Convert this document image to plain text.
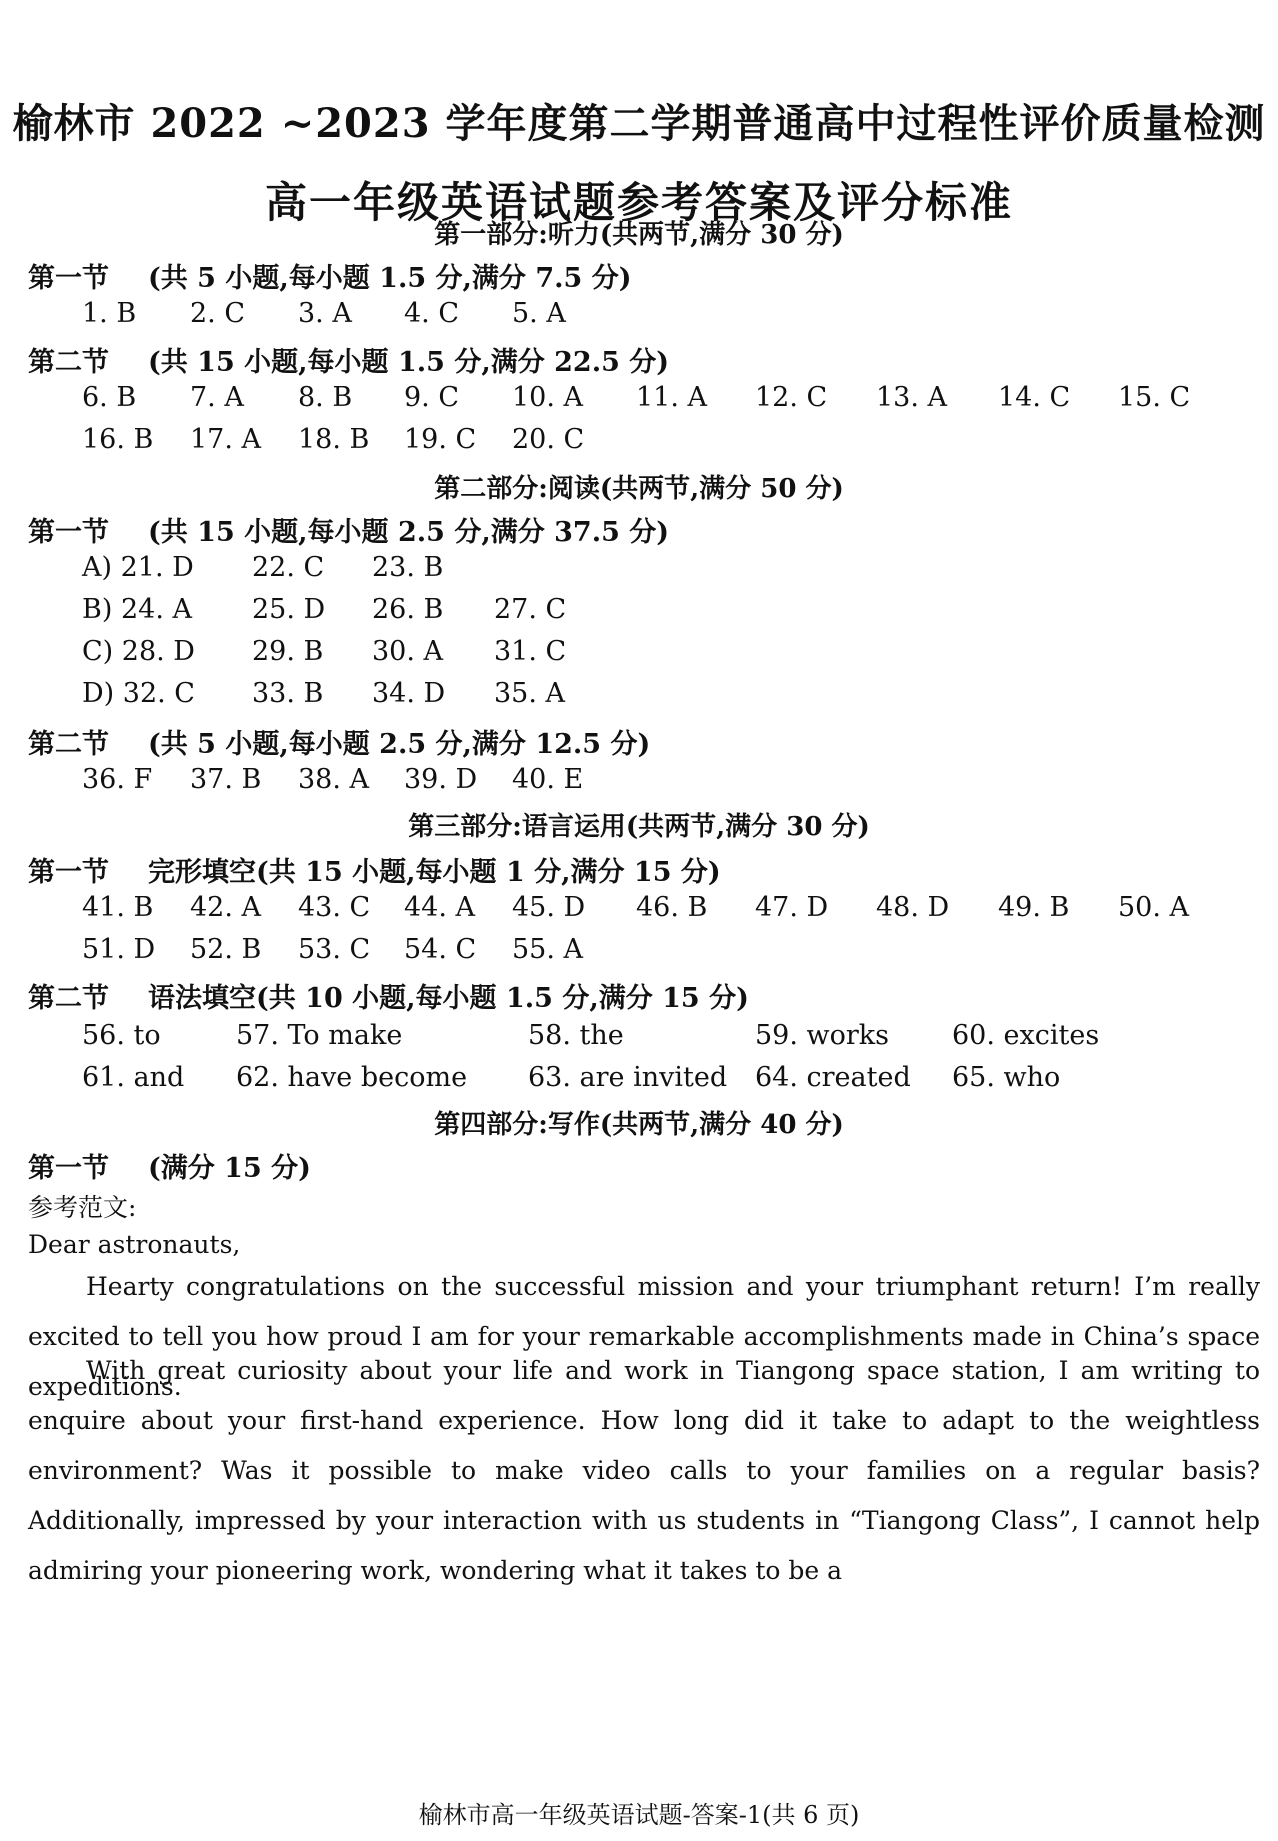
榆林市 2022 ~2023 学年度第二学期普通高中过程性评价质量检测
高一年级英语试题参考答案及评分标准
第一部分:听力(共两节,满分 30 分)
第一节 (共 5 小题,每小题 1.5 分,满分 7.5 分)
1. B 2. C 3. A 4. C 5. A
第二节 (共 15 小题,每小题 1.5 分,满分 22.5 分)
6. B 7. A 8. B 9. C 10. A 11. A 12. C 13. A 14. C 15. C
16. B 17. A 18. B 19. C 20. C
第二部分:阅读(共两节,满分 50 分)
第一节 (共 15 小题,每小题 2.5 分,满分 37.5 分)
A) 21. D 22. C 23. B
B) 24. A 25. D 26. B 27. C
C) 28. D 29. B 30. A 31. C
D) 32. C 33. B 34. D 35. A
第二节 (共 5 小题,每小题 2.5 分,满分 12.5 分)
36. F 37. B 38. A 39. D 40. E
第三部分:语言运用(共两节,满分 30 分)
第一节 完形填空(共 15 小题,每小题 1 分,满分 15 分)
41. B 42. A 43. C 44. A 45. D 46. B 47. D 48. D 49. B 50. A
51. D 52. B 53. C 54. C 55. A
第二节 语法填空(共 10 小题,每小题 1.5 分,满分 15 分)
56. to	57. To make	58. the	59. works 60. excites
61. and 62. have become 63. are invited 64. created 65. who
第四部分:写作(共两节,满分 40 分)
第一节 (满分 15 分)
参考范文:
Dear astronauts,
Hearty congratulations on the successful mission and your triumphant return! I’m really excited to tell you how proud I am for your remarkable accomplishments made in China’s space expeditions.
With great curiosity about your life and work in Tiangong space station, I am writing to enquire about your first-hand experience. How long did it take to adapt to the weightless environment? Was it possible to make video calls to your families on a regular basis? Additionally, impressed by your interaction with us students in “Tiangong Class”, I cannot help admiring your pioneering work, wondering what it takes to be a
榆林市高一年级英语试题-答案-1(共 6 页)
